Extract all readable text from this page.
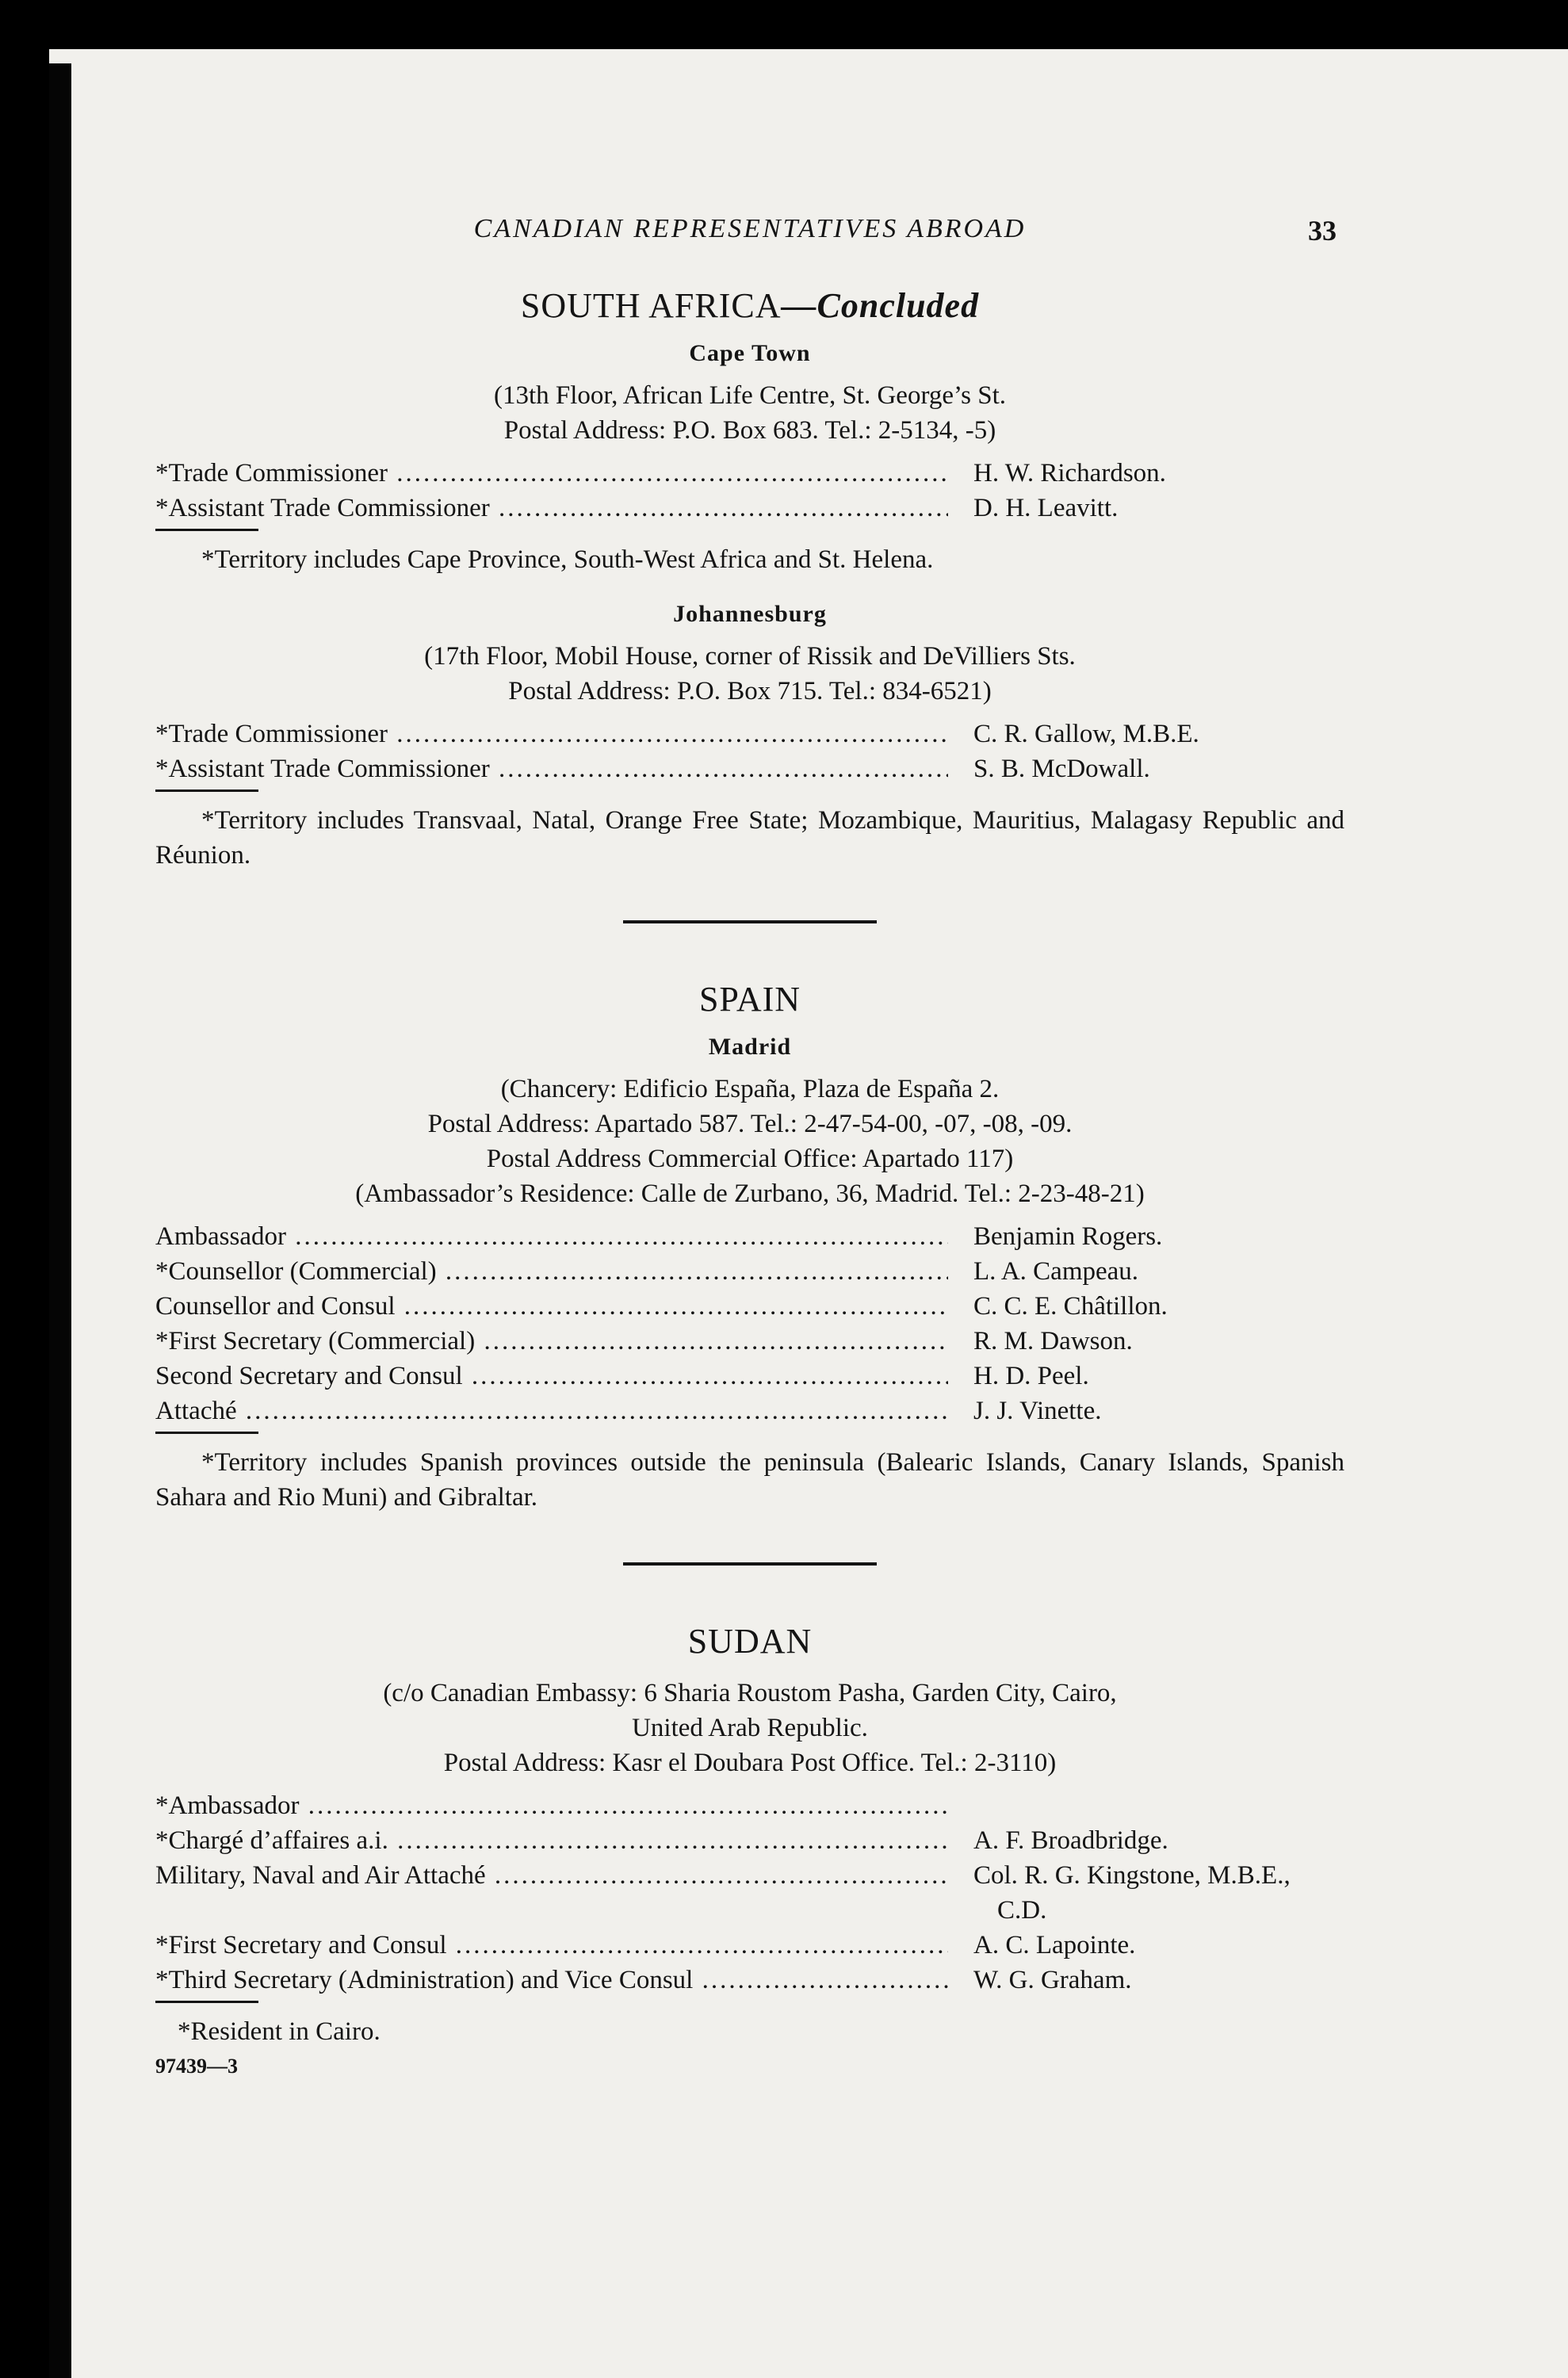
CANADIAN REPRESENTATIVES ABROAD	33
SOUTH AFRICA—Concluded
Cape Town
(13th Floor, African Life Centre, St. George’s St.
Postal Address: P.O. Box 683. Tel.: 2-5134, -5)
*Trade Commissioner .....	H. W. Richardson.
*Assistant Trade Commissioner .....	D. H. Leavitt.

*Territory includes Cape Province, South-West Africa and St. Helena.

Johannesburg
(17th Floor, Mobil House, corner of Rissik and DeVilliers Sts.
Postal Address: P.O. Box 715. Tel.: 834-6521)
*Trade Commissioner .....	C. R. Gallow, M.B.E.
*Assistant Trade Commissioner .....	S. B. McDowall.

*Territory includes Transvaal, Natal, Orange Free State; Mozambique, Mauritius, Malagasy Republic and Réunion.

SPAIN
Madrid
(Chancery: Edificio España, Plaza de España 2.
Postal Address: Apartado 587. Tel.: 2-47-54-00, -07, -08, -09.
Postal Address Commercial Office: Apartado 117)
(Ambassador’s Residence: Calle de Zurbano, 36, Madrid. Tel.: 2-23-48-21)
Ambassador .....	Benjamin Rogers.
*Counsellor (Commercial) .....	L. A. Campeau.
Counsellor and Consul .....	C. C. E. Châtillon.
*First Secretary (Commercial) .....	R. M. Dawson.
Second Secretary and Consul .....	H. D. Peel.
Attaché .....	J. J. Vinette.

*Territory includes Spanish provinces outside the peninsula (Balearic Islands, Canary Islands, Spanish Sahara and Rio Muni) and Gibraltar.

SUDAN
(c/o Canadian Embassy: 6 Sharia Roustom Pasha, Garden City, Cairo,
United Arab Republic.
Postal Address: Kasr el Doubara Post Office. Tel.: 2-3110)
*Ambassador .....
*Chargé d’affaires a.i. .....	A. F. Broadbridge.
Military, Naval and Air Attaché .....	Col. R. G. Kingstone, M.B.E.,
C.D.
*First Secretary and Consul .....	A. C. Lapointe.
*Third Secretary (Administration) and Vice Consul .....	W. G. Graham.
*Resident in Cairo.
97439—3
